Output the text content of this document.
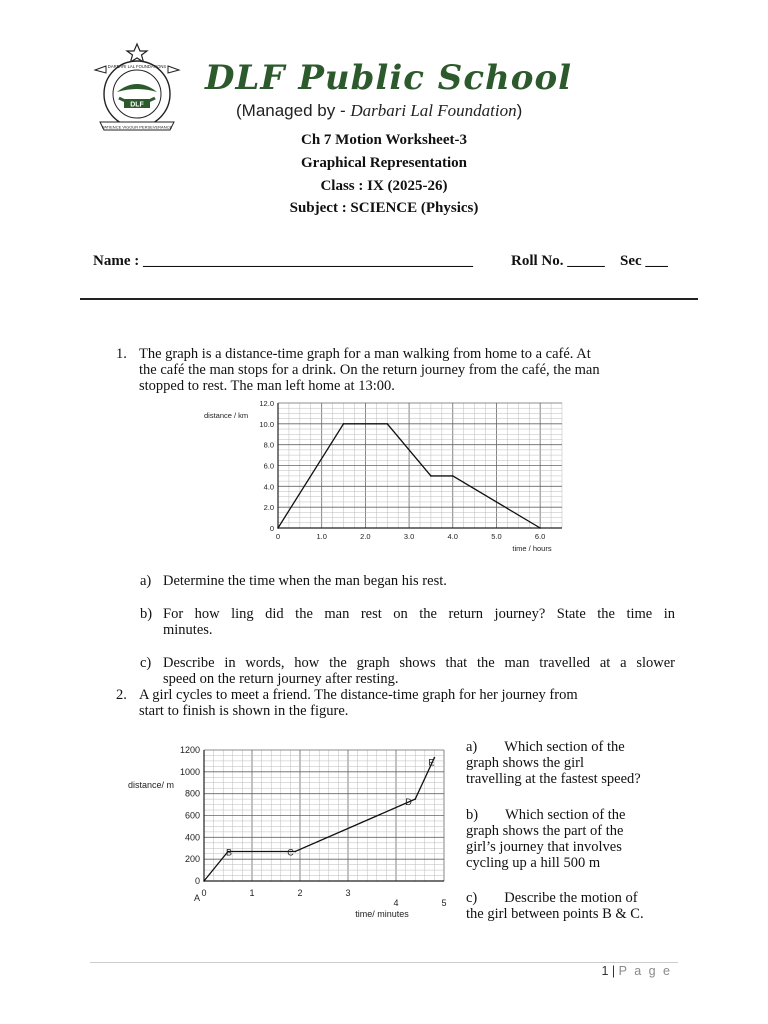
DLF
DARBARI LAL FOUNDATIONS
PATIENCE VIGOUR PERSEVERANCE
DLF Public School
(Managed by - Darbari Lal Foundation)
Ch 7 Motion Worksheet-3
Graphical Representation
Class : IX (2025-26)
Subject : SCIENCE (Physics)
Name : ____________________________________________	Roll No. _____ Sec ___
1. The graph is a distance-time graph for a man walking from home to a café. At
the café the man stops for a drink. On the return journey from the café, the man
stopped to rest. The man left home at 13:00.
0	1.0	2.0	3.0	4.0	5.0	6.0
0
2.0
4.0
6.0
8.0
10.0
12.0
time / hours
distance / km
a) Determine the time when the man began his rest.
b) For how ling did the man rest on the return journey? State the time in
minutes.
c) Describe in words, how the graph shows that the man travelled at a slower
speed on the return journey after resting.
2. A girl cycles to meet a friend. The distance-time graph for her journey from
start to finish is shown in the figure.
0	1	2	3
4	5
0
200
400
600
800
1000
1200
time/ minutes
distance/ m
A
B	C
D
E
a) Which section of the
graph shows the girl
travelling at the fastest speed?
b) Which section of the
graph shows the part of the
girl’s journey that involves
cycling up a hill 500 m
c) Describe the motion of
the girl between points B & C.
1 | P a g e
